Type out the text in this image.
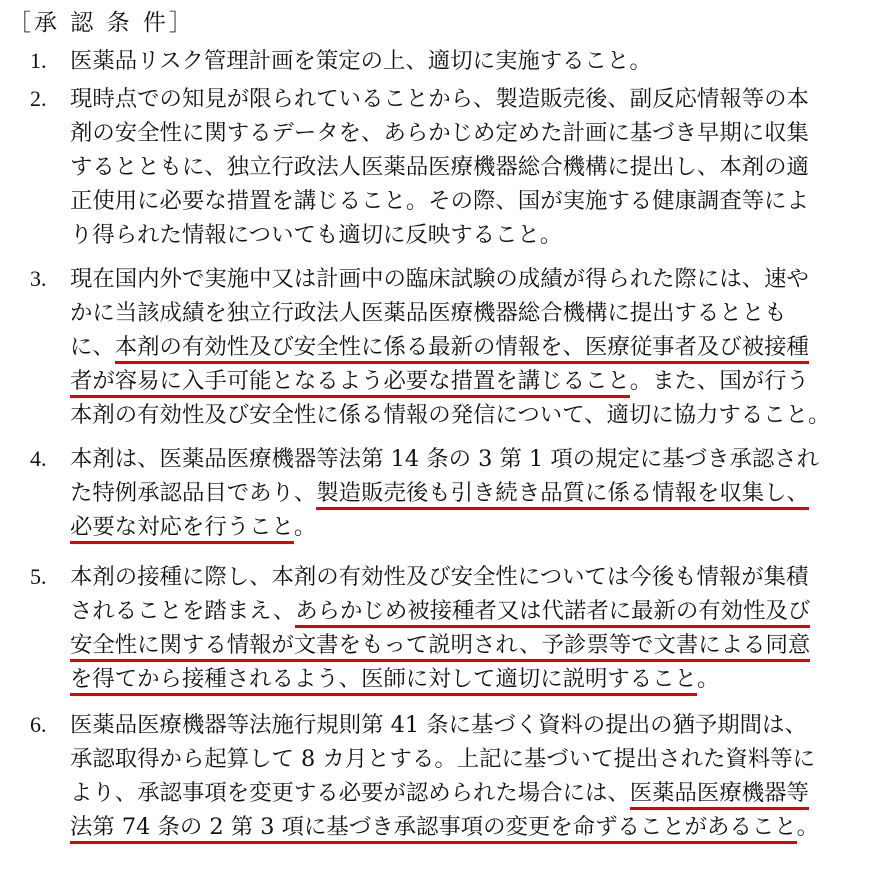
［承 認 条 件］
1. 医薬品リスク管理計画を策定の上、適切に実施すること。
2. 現時点での知見が限られていることから、製造販売後、副反応情報等の本
剤の安全性に関するデータを、あらかじめ定めた計画に基づき早期に収集
するとともに、独立行政法人医薬品医療機器総合機構に提出し、本剤の適
正使用に必要な措置を講じること。その際、国が実施する健康調査等によ
り得られた情報についても適切に反映すること。
3. 現在国内外で実施中又は計画中の臨床試験の成績が得られた際には、速や
かに当該成績を独立行政法人医薬品医療機器総合機構に提出するととも
に、本剤の有効性及び安全性に係る最新の情報を、医療従事者及び被接種
者が容易に入手可能となるよう必要な措置を講じること。また、国が行う
本剤の有効性及び安全性に係る情報の発信について、適切に協力すること。
4. 本剤は、医薬品医療機器等法第 14 条の 3 第 1 項の規定に基づき承認され
た特例承認品目であり、製造販売後も引き続き品質に係る情報を収集し、
必要な対応を行うこと。
5. 本剤の接種に際し、本剤の有効性及び安全性については今後も情報が集積
されることを踏まえ、あらかじめ被接種者又は代諾者に最新の有効性及び
安全性に関する情報が文書をもって説明され、予診票等で文書による同意
を得てから接種されるよう、医師に対して適切に説明すること。
6. 医薬品医療機器等法施行規則第 41 条に基づく資料の提出の猶予期間は、
承認取得から起算して 8 カ月とする。上記に基づいて提出された資料等に
より、承認事項を変更する必要が認められた場合には、医薬品医療機器等
法第 74 条の 2 第 3 項に基づき承認事項の変更を命ずることがあること。
